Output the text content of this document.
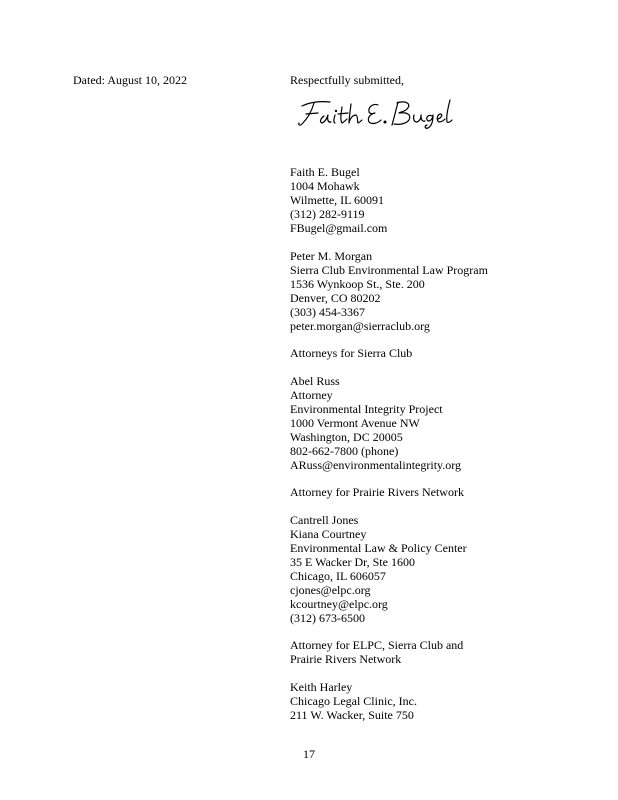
Dated: August 10, 2022	Respectfully submitted,
Faith E. Bugel
1004 Mohawk
Wilmette, IL 60091
(312) 282-9119
FBugel@gmail.com
Peter M. Morgan
Sierra Club Environmental Law Program
1536 Wynkoop St., Ste. 200
Denver, CO 80202
(303) 454-3367
peter.morgan@sierraclub.org
Attorneys for Sierra Club
Abel Russ
Attorney
Environmental Integrity Project
1000 Vermont Avenue NW
Washington, DC 20005
802-662-7800 (phone)
ARuss@environmentalintegrity.org
Attorney for Prairie Rivers Network
Cantrell Jones
Kiana Courtney
Environmental Law & Policy Center
35 E Wacker Dr, Ste 1600
Chicago, IL 606057
cjones@elpc.org
kcourtney@elpc.org
(312) 673-6500
Attorney for ELPC, Sierra Club and
Prairie Rivers Network
Keith Harley
Chicago Legal Clinic, Inc.
211 W. Wacker, Suite 750
17
